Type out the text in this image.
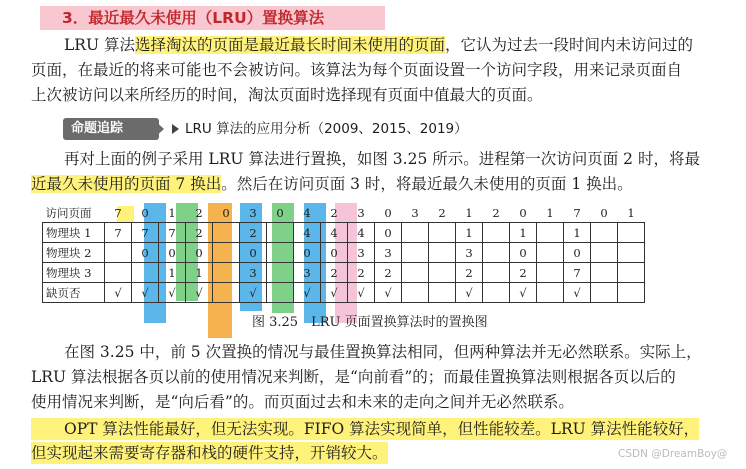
3．最近最久未使用（LRU）置换算法
LRU 算法选择淘汰的页面是最近最长时间未使用的页面，它认为过去一段时间内未访问过的
页面，在最近的将来可能也不会被访问。该算法为每个页面设置一个访问字段，用来记录页面自
上次被访问以来所经历的时间，淘汰页面时选择现有页面中值最大的页面。
命题追踪	LRU 算法的应用分析（2009、2015、2019）
再对上面的例子采用 LRU 算法进行置换，如图 3.25 所示。进程第一次访问页面 2 时，将最
近最久未使用的页面 7 换出。然后在访问页面 3 时，将最近最久未使用的页面 1 换出。
访问页面	7	0	1	2	0	3	0	4	2	3	0	3	2	1	2	0	1	7	0	1
物理块 1	7	7	7	2		2		4	4	4	0			1		1		1		
物理块 2		0	0	0		0		0	0	3	3			3		0		0		
物理块 3			1	1		3		3	2	2	2			2		2		7		
缺页否	√	√	√	√		√		√	√	√	√			√		√		√		
图 3.25　LRU 页面置换算法时的置换图
在图 3.25 中，前 5 次置换的情况与最佳置换算法相同，但两种算法并无必然联系。实际上，
LRU 算法根据各页以前的使用情况来判断，是“向前看”的；而最佳置换算法则根据各页以后的
使用情况来判断，是“向后看”的。而页面过去和未来的走向之间并无必然联系。
OPT 算法性能最好，但无法实现。FIFO 算法实现简单，但性能较差。LRU 算法性能较好，
但实现起来需要寄存器和栈的硬件支持，开销较大。	CSDN @DreamBoy@
